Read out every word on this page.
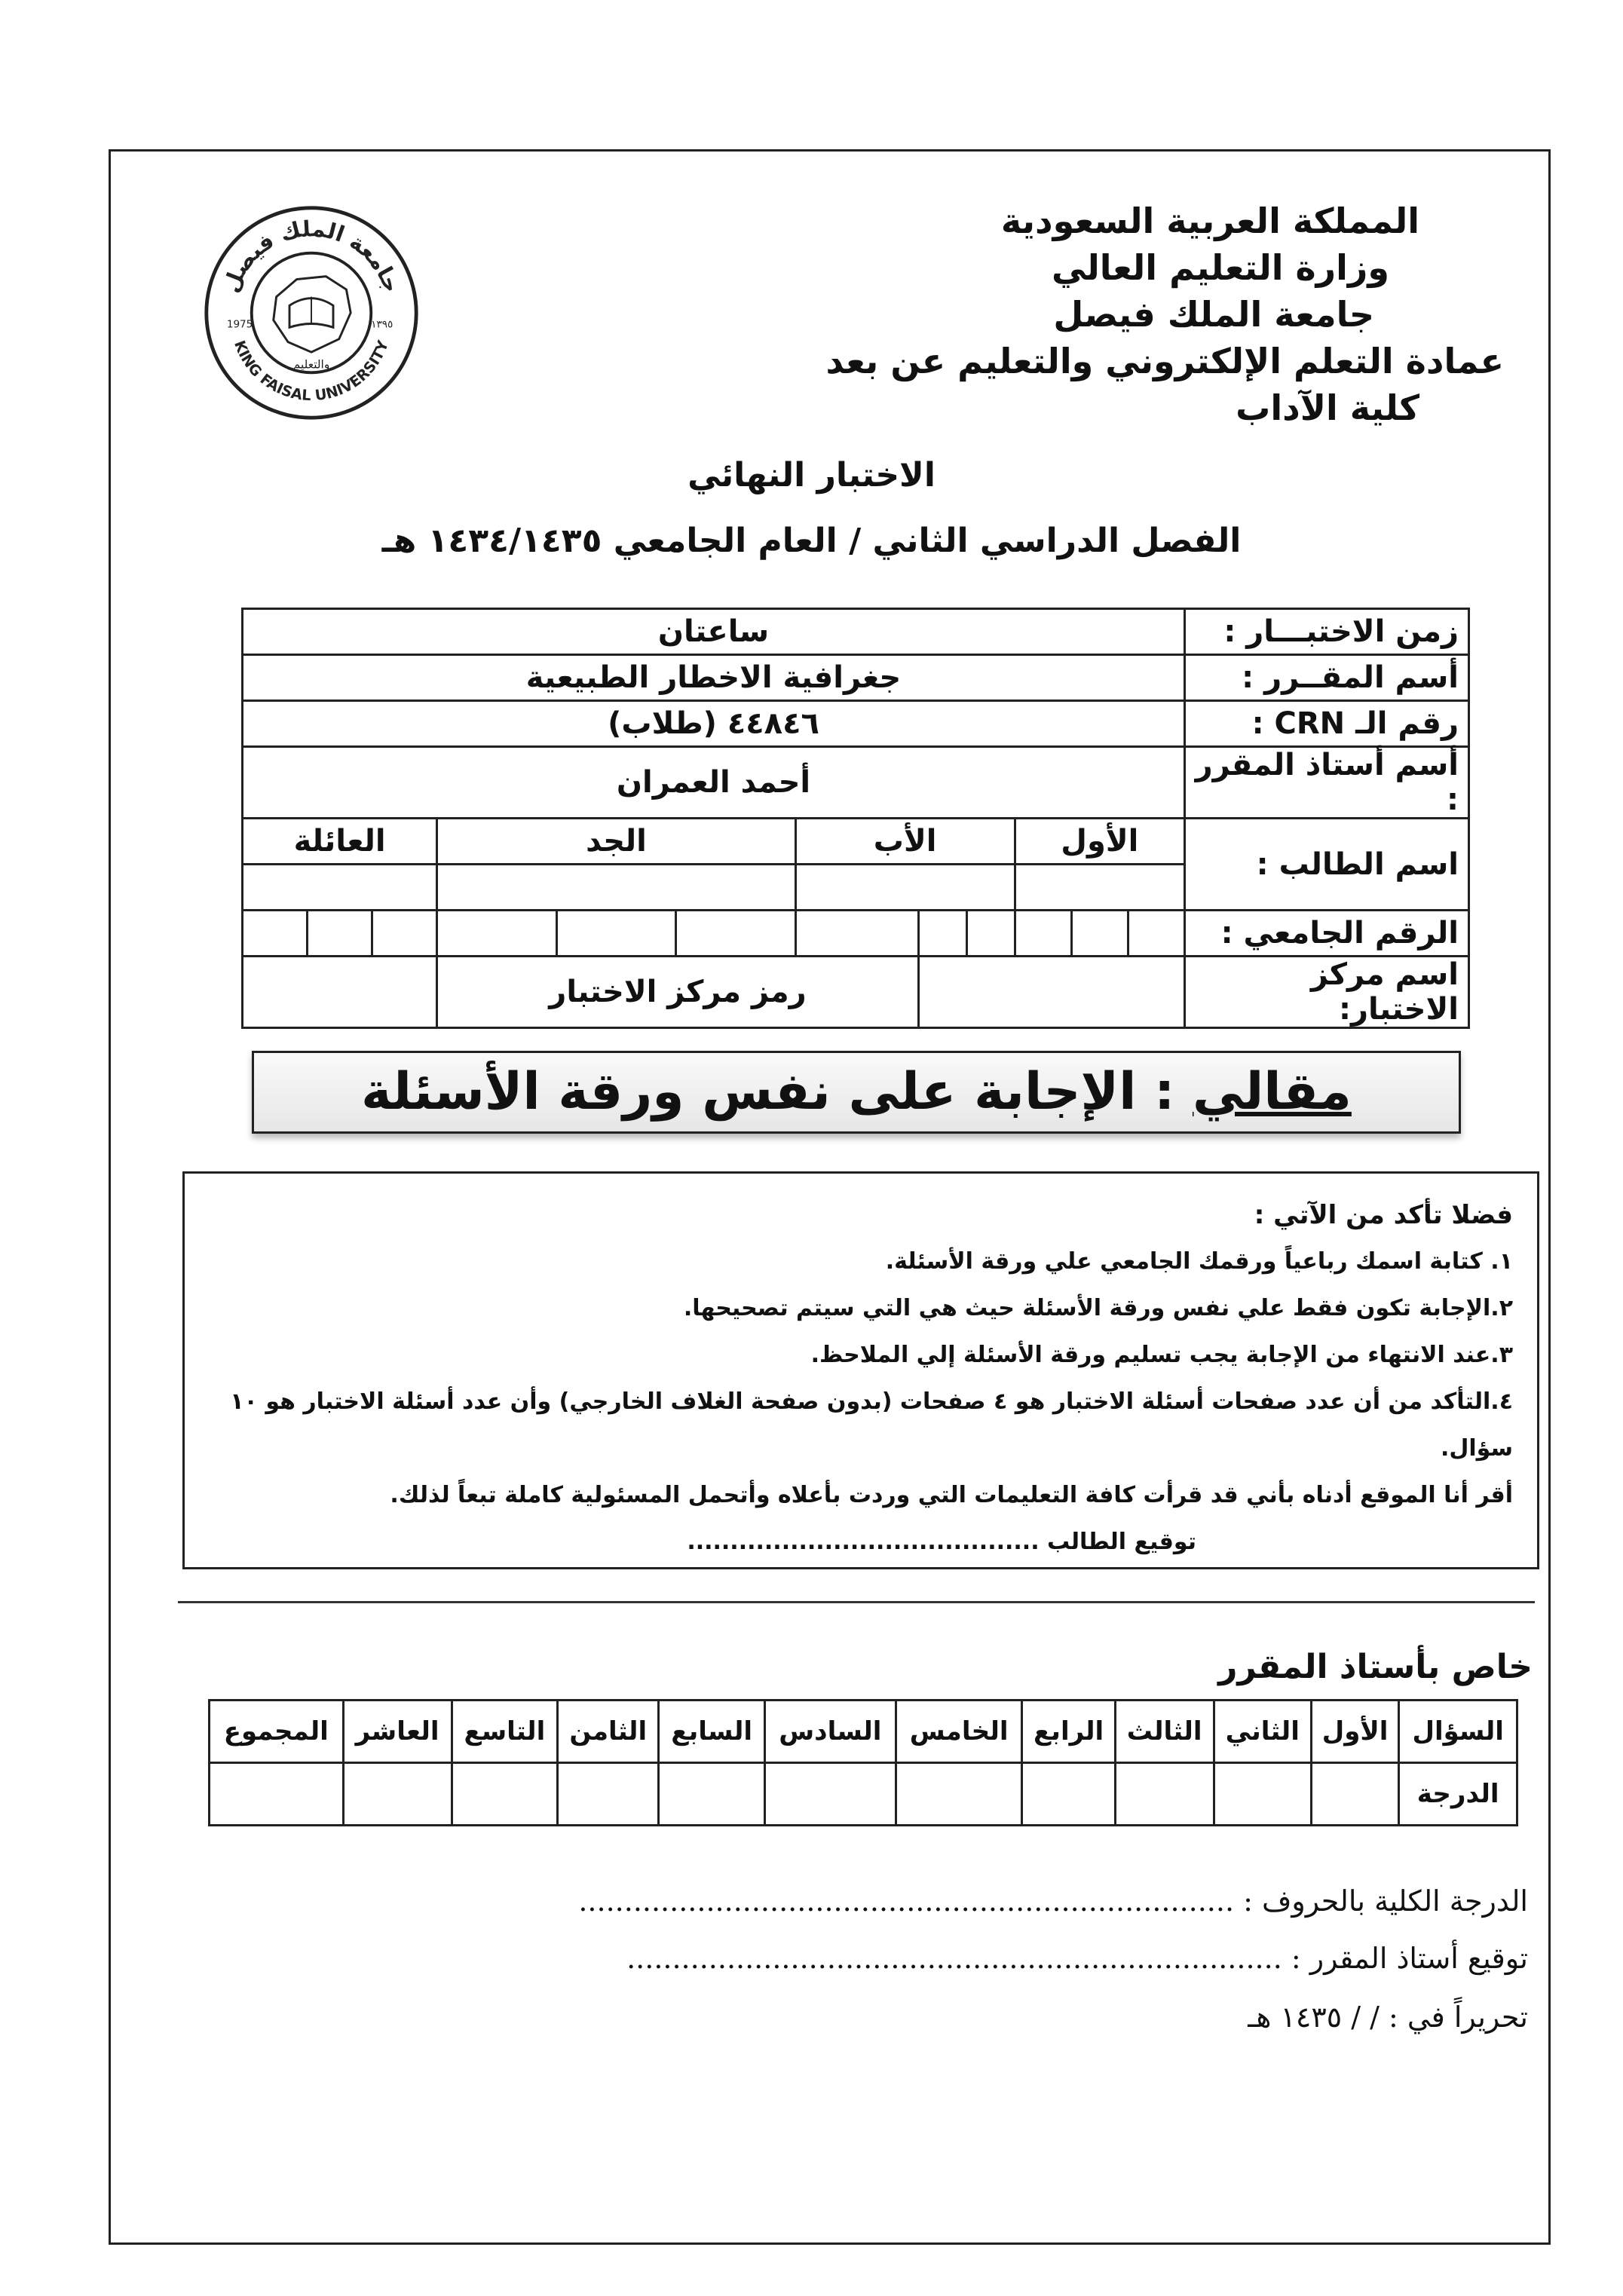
المملكة العربية السعودية
وزارة التعليم العالي
جامعة الملك فيصل
عمادة التعلم الإلكتروني والتعليم عن بعد
كلية الآداب
جامعة الملك فيصل
KING FAISAL UNIVERSITY
1975	١٣٩٥
والتعليم
الاختبار النهائي
الفصل الدراسي الثاني / العام الجامعي ١٤٣٤/١٤٣٥ هـ
زمن الاختبـــار :	ساعتان											
أسم المقــرر :	جغرافية الاخطار الطبيعية											
رقم الـ CRN :	٤٤٨٤٦ (طلاب)											
أسم أستاذ المقرر :	أحمد العمران											
اسم الطالب :	الأول			الأب			الجد			العائلة		

الرقم الجامعي :												
اسم مركز الاختبار:						رمز مركز الاختبار						
مقالي : الإجابة على نفس ورقة الأسئلة
فضلا تأكد من الآتي :
١. كتابة اسمك رباعياً ورقمك الجامعي علي ورقة الأسئلة.
٢.الإجابة تكون فقط علي نفس ورقة الأسئلة حيث هي التي سيتم تصحيحها.
٣.عند الانتهاء من الإجابة يجب تسليم ورقة الأسئلة إلي الملاحظ.
٤.التأكد من أن عدد صفحات أسئلة الاختبار هو ٤ صفحات (بدون صفحة الغلاف الخارجي) وأن عدد أسئلة الاختبار هو ١٠ سؤال.
أقر أنا الموقع أدناه بأني قد قرأت كافة التعليمات التي وردت بأعلاه وأتحمل المسئولية كاملة تبعاً لذلك.
توقيع الطالب .........................................
خاص بأستاذ المقرر
السؤال	الأول	الثاني	الثالث	الرابع	الخامس	السادس	السابع	الثامن	التاسع	العاشر	المجموع
الدرجة											
الدرجة الكلية بالحروف : ........................................................................
توقيع أستاذ المقرر : ........................................................................
تحريراً في : / / ١٤٣٥ هـ
